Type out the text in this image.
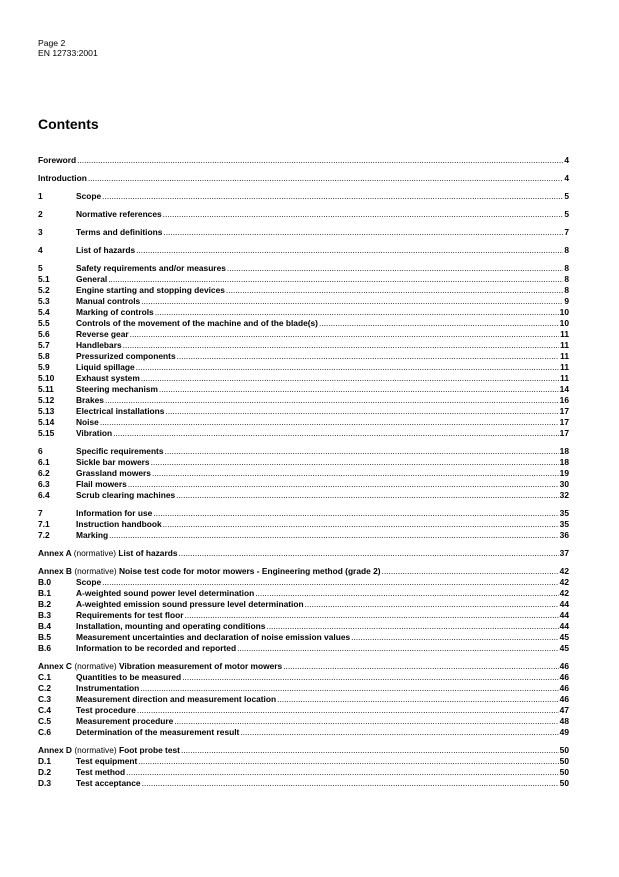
Page 2
EN 12733:2001
Contents
Foreword .....	4
Introduction .....	4
1	Scope .....	5
2	Normative references .....	5
3	Terms and definitions .....	7
4	List of hazards .....	8
5	Safety requirements and/or measures .....	8
5.1	General .....	8
5.2	Engine starting and stopping devices .....	8
5.3	Manual controls .....	9
5.4	Marking of controls .....	10
5.5	Controls of the movement of the machine and of the blade(s) .....	10
5.6	Reverse gear .....	11
5.7	Handlebars .....	11
5.8	Pressurized components .....	11
5.9	Liquid spillage .....	11
5.10	Exhaust system .....	11
5.11	Steering mechanism .....	14
5.12	Brakes .....	16
5.13	Electrical installations .....	17
5.14	Noise .....	17
5.15	Vibration .....	17
6	Specific requirements .....	18
6.1	Sickle bar mowers .....	18
6.2	Grassland mowers .....	19
6.3	Flail mowers .....	30
6.4	Scrub clearing machines .....	32
7	Information for use .....	35
7.1	Instruction handbook .....	35
7.2	Marking .....	36
Annex A (normative) List of hazards .....	37
Annex B (normative) Noise test code for motor mowers - Engineering method (grade 2) .....	42
B.0	Scope .....	42
B.1	A-weighted sound power level determination .....	42
B.2	A-weighted emission sound pressure level determination .....	44
B.3	Requirements for test floor .....	44
B.4	Installation, mounting and operating conditions .....	44
B.5	Measurement uncertainties and declaration of noise emission values .....	45
B.6	Information to be recorded and reported .....	45
Annex C (normative) Vibration measurement of motor mowers .....	46
C.1	Quantities to be measured .....	46
C.2	Instrumentation .....	46
C.3	Measurement direction and measurement location .....	46
C.4	Test procedure .....	47
C.5	Measurement procedure .....	48
C.6	Determination of the measurement result .....	49
Annex D (normative) Foot probe test .....	50
D.1	Test equipment .....	50
D.2	Test method .....	50
D.3	Test acceptance .....	50
